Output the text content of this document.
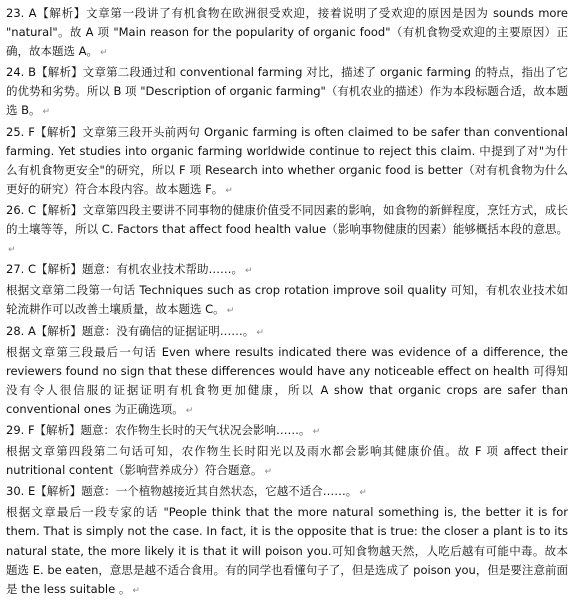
23. A【解析】文章第一段讲了有机食物在欧洲很受欢迎，接着说明了受欢迎的原因是因为 sounds more "natural"。故 A 项 "Main reason for the popularity of organic food"（有机食物受欢迎的主要原因）正确，故本题选 A。 ↵

24. B【解析】文章第二段通过和 conventional farming 对比，描述了 organic farming 的特点，指出了它的优势和劣势。所以 B 项 "Description of organic farming"（有机农业的描述）作为本段标题合适，故本题选 B。 ↵

25. F【解析】文章第三段开头前两句 Organic farming is often claimed to be safer than conventional farming. Yet studies into organic farming worldwide continue to reject this claim. 中提到了对"为什么有机食物更安全"的研究，所以 F 项 Research into whether organic food is better（对有机食物为什么更好的研究）符合本段内容。故本题选 F。 ↵

26. C【解析】文章第四段主要讲不同事物的健康价值受不同因素的影响，如食物的新鲜程度，烹饪方式，成长的土壤等等，所以 C. Factors that affect food health value（影响事物健康的因素）能够概括本段的意思。↵

27. C【解析】题意：有机农业技术帮助……。 ↵

根据文章第二段第一句话 Techniques such as crop rotation improve soil quality 可知，有机农业技术如轮流耕作可以改善土壤质量，故本题选 C。 ↵

28. A【解析】题意：没有确信的证据证明……。 ↵

根据文章第三段最后一句话 Even where results indicated there was evidence of a difference, the reviewers found no sign that these differences would have any noticeable effect on health 可得知没有令人很信服的证据证明有机食物更加健康，所以 A show that organic crops are safer than conventional ones 为正确选项。 ↵

29. F【解析】题意：农作物生长时的天气状况会影响……。 ↵

根据文章第四段第二句话可知，农作物生长时阳光以及雨水都会影响其健康价值。故 F 项 affect their nutritional content（影响营养成分）符合题意。 ↵

30. E【解析】题意：一个植物越接近其自然状态，它越不适合……。 ↵

根据文章最后一段专家的话 "People think that the more natural something is, the better it is for them. That is simply not the case. In fact, it is the opposite that is true: the closer a plant is to its natural state, the more likely it is that it will poison you.可知食物越天然，人吃后越有可能中毒。故本题选 E. be eaten，意思是越不适合食用。有的同学也看懂句子了，但是选成了 poison you，但是要注意前面是 the less suitable 。 ↵
